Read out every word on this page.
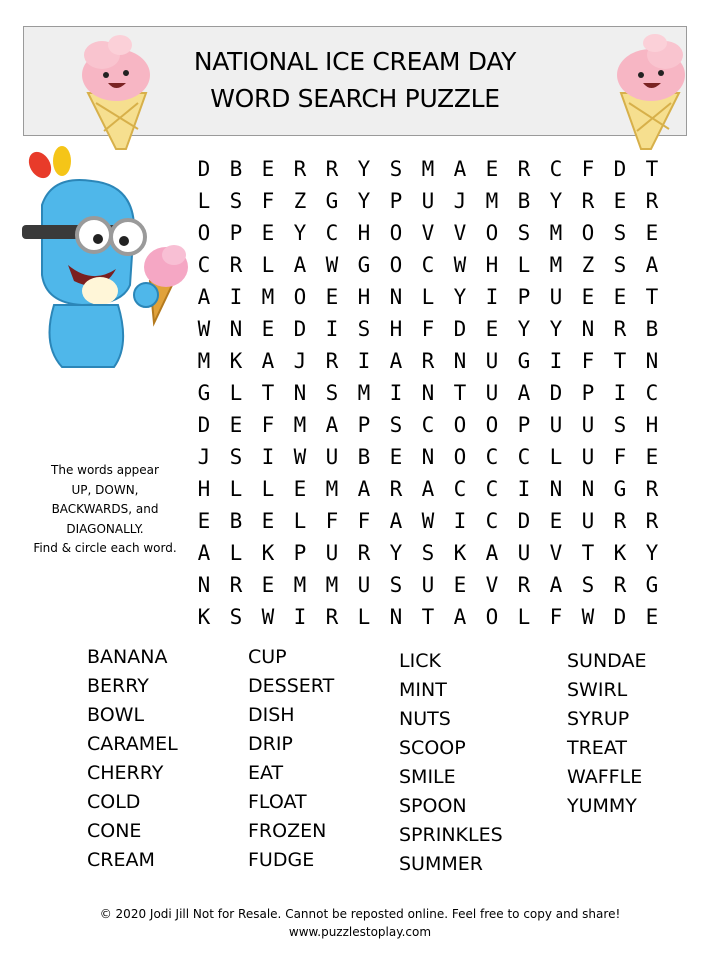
NATIONAL ICE CREAM DAY
WORD SEARCH PUZZLE
The words appear
UP, DOWN,
BACKWARDS, and
DIAGONALLY.
Find & circle each word.
D B E R R Y S M A E R C F D T
L S F Z G Y P U J M B Y R E R
O P E Y C H O V V O S M O S E
C R L A W G O C W H L M Z S A
A I M O E H N L Y I P U E E T
W N E D I S H F D E Y Y N R B
M K A J R I A R N U G I F T N
G L T N S M I N T U A D P I C
D E F M A P S C O O P U U S H
J S I W U B E N O C C L U F E
H L L E M A R A C C I N N G R
E B E L F F A W I C D E U R R
A L K P U R Y S K A U V T K Y
N R E M M U S U E V R A S R G
K S W I R L N T A O L F W D E
BANANA
BERRY
BOWL
CARAMEL
CHERRY
COLD
CONE
CREAM
CUP
DESSERT
DISH
DRIP
EAT
FLOAT
FROZEN
FUDGE
LICK
MINT
NUTS
SCOOP
SMILE
SPOON
SPRINKLES
SUMMER
SUNDAE
SWIRL
SYRUP
TREAT
WAFFLE
YUMMY
© 2020 Jodi Jill Not for Resale. Cannot be reposted online. Feel free to copy and share!
www.puzzlestoplay.com
